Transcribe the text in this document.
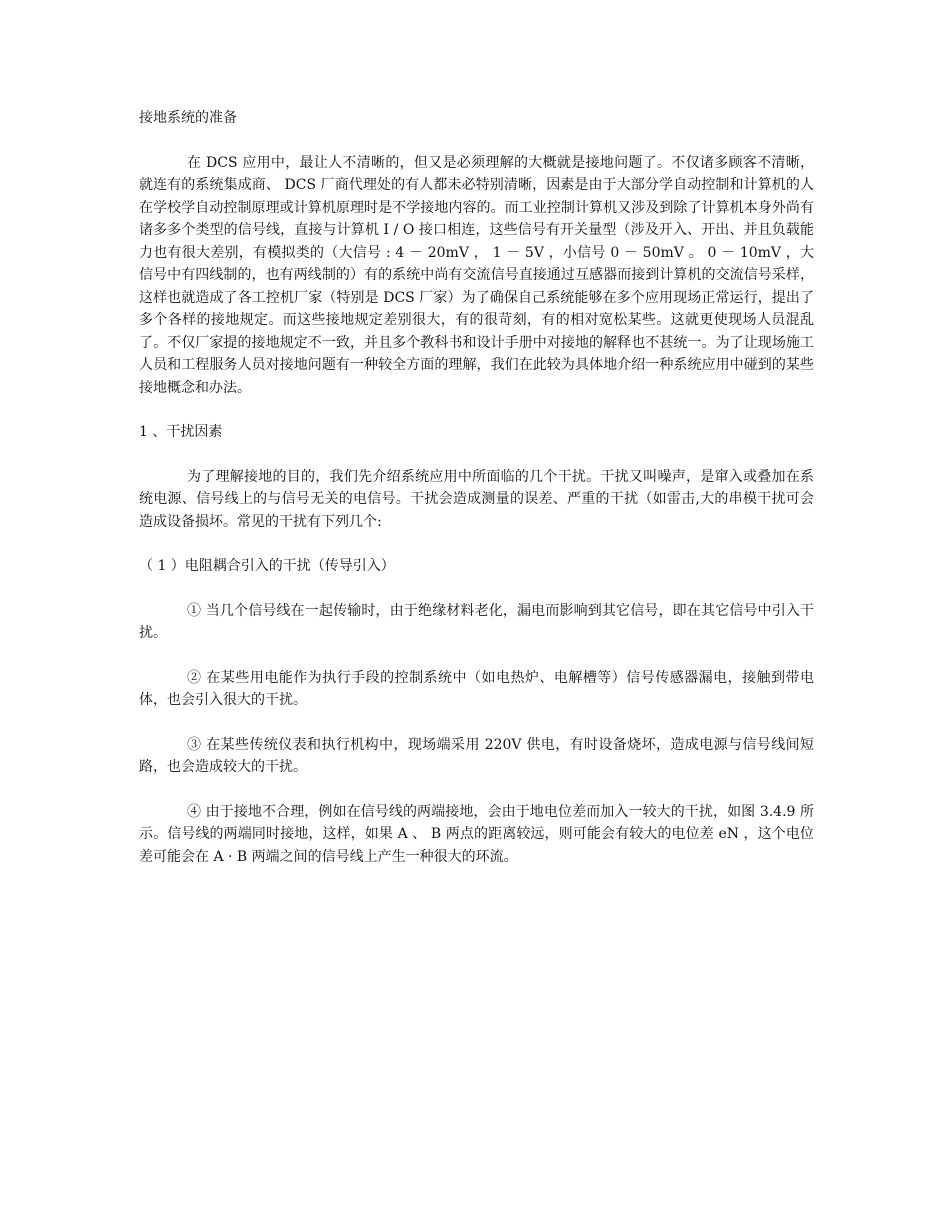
接地系统的准备

在 DCS 应用中，最让人不清晰的，但又是必须理解的大概就是接地问题了。不仅诸多顾客不清晰，就连有的系统集成商、 DCS 厂商代理处的有人都未必特别清晰，因素是由于大部分学自动控制和计算机的人在学校学自动控制原理或计算机原理时是不学接地内容的。而工业控制计算机又涉及到除了计算机本身外尚有诸多多个类型的信号线，直接与计算机 I / O 接口相连，这些信号有开关量型（涉及开入、开出、并且负载能力也有很大差别，有模拟类的（大信号 : 4 － 20mV ， 1 － 5V ，小信号 0 － 50mV 。 0 － 10mV ，大信号中有四线制的，也有两线制的）有的系统中尚有交流信号直接通过互感器而接到计算机的交流信号采样，这样也就造成了各工控机厂家（特别是 DCS 厂家）为了确保自己系统能够在多个应用现场正常运行，提出了多个各样的接地规定。而这些接地规定差别很大，有的很苛刻，有的相对宽松某些。这就更使现场人员混乱了。不仅厂家提的接地规定不一致，并且多个教科书和设计手册中对接地的解释也不甚统一。为了让现场施工人员和工程服务人员对接地问题有一种较全方面的理解，我们在此较为具体地介绍一种系统应用中碰到的某些接地概念和办法。

1 、干扰因素

为了理解接地的目的，我们先介绍系统应用中所面临的几个干扰。干扰又叫噪声，是窜入或叠加在系统电源、信号线上的与信号无关的电信号。干扰会造成测量的误差、严重的干扰（如雷击,大的串模干扰可会造成设备损坏。常见的干扰有下列几个:

（ 1 ）电阻耦合引入的干扰（传导引入）

① 当几个信号线在一起传输时，由于绝缘材料老化，漏电而影响到其它信号，即在其它信号中引入干扰。

② 在某些用电能作为执行手段的控制系统中（如电热炉、电解槽等）信号传感器漏电，接触到带电体，也会引入很大的干扰。

③ 在某些传统仪表和执行机构中，现场端采用 220V 供电，有时设备烧坏，造成电源与信号线间短路，也会造成较大的干扰。

④ 由于接地不合理，例如在信号线的两端接地，会由于地电位差而加入一较大的干扰，如图 3.4.9 所示。信号线的两端同时接地，这样，如果 A 、 B 两点的距离较远，则可能会有较大的电位差 eN ，这个电位差可能会在 A · B 两端之间的信号线上产生一种很大的环流。
